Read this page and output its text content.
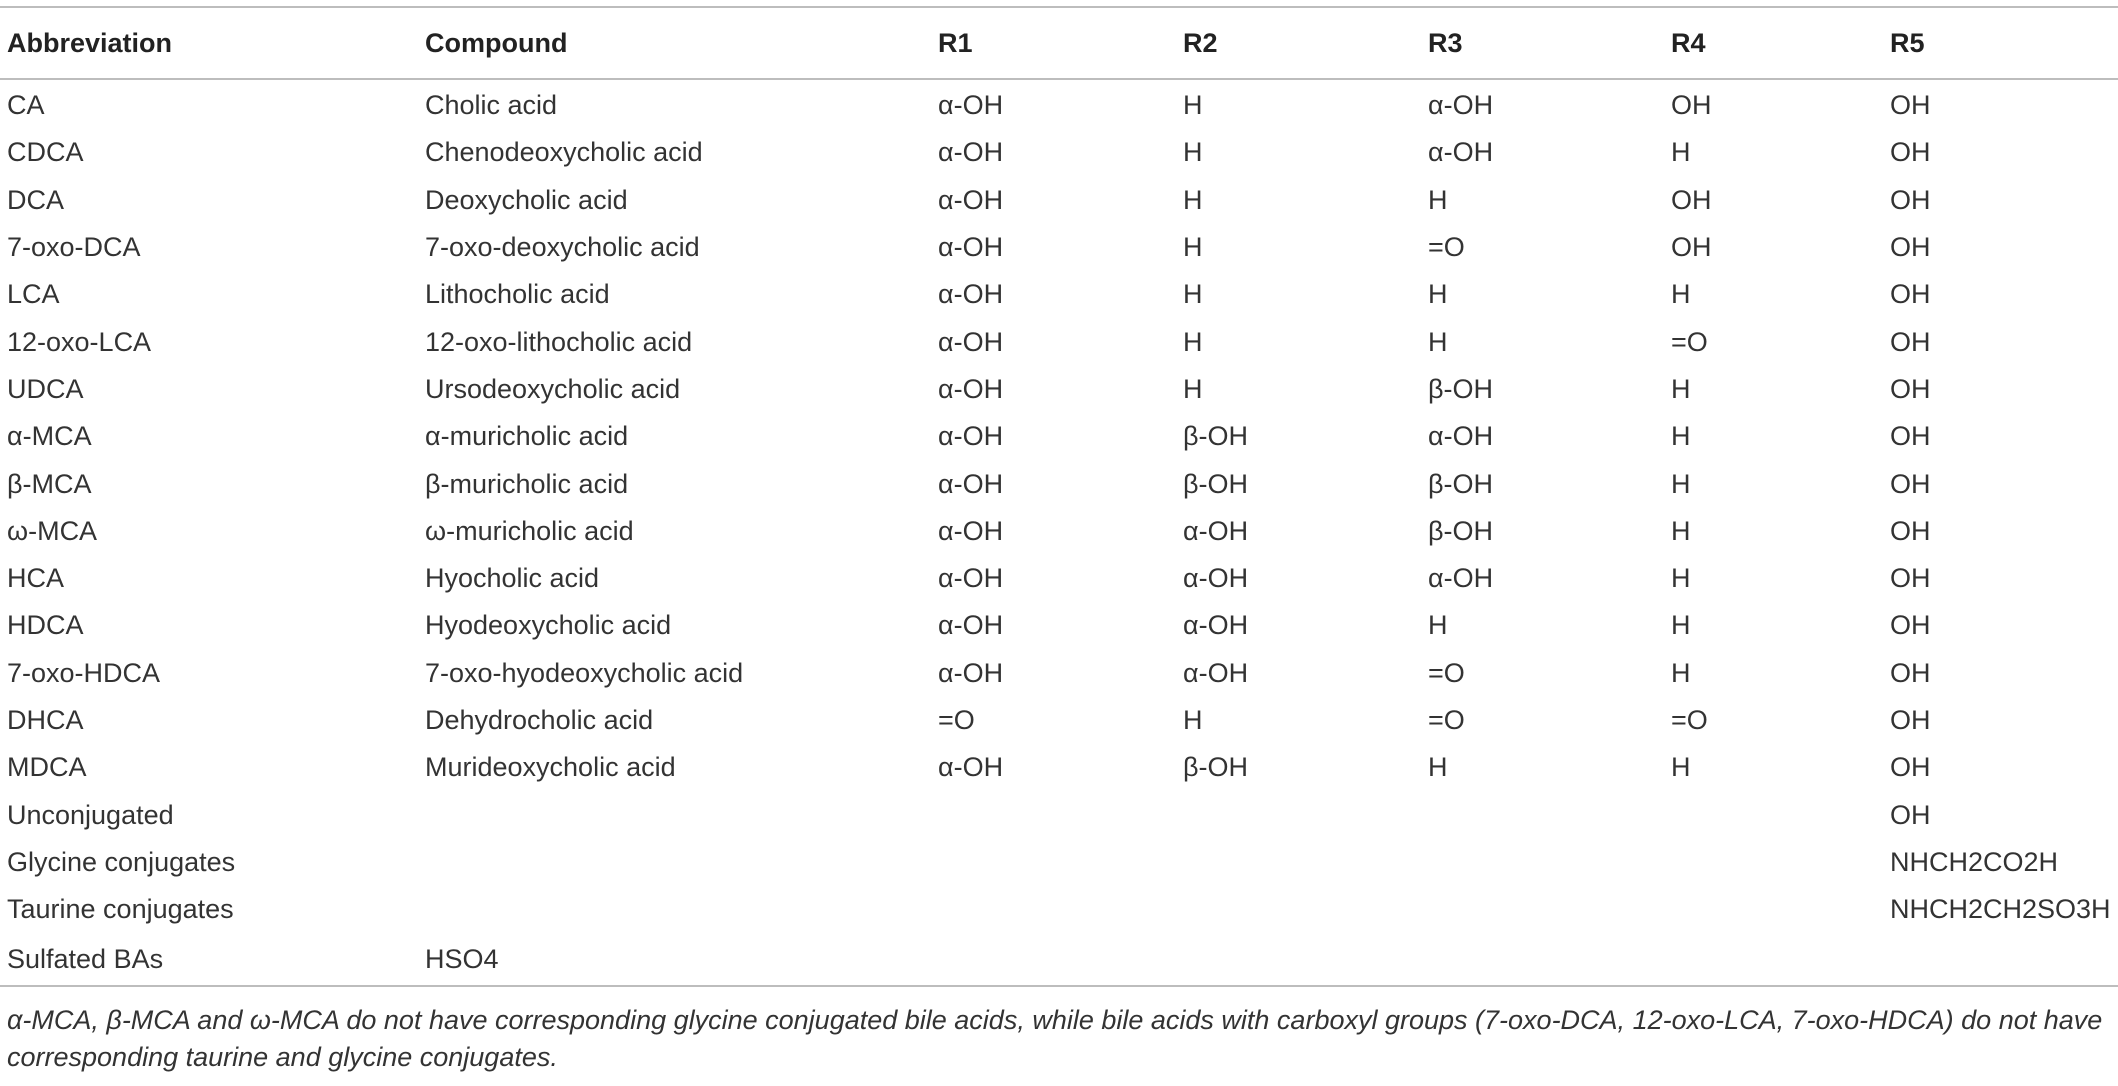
Abbreviation	Compound	R1	R2	R3	R4	R5
CA	Cholic acid	α-OH	H	α-OH	OH	OH
CDCA	Chenodeoxycholic acid	α-OH	H	α-OH	H	OH
DCA	Deoxycholic acid	α-OH	H	H	OH	OH
7-oxo-DCA	7-oxo-deoxycholic acid	α-OH	H	=O	OH	OH
LCA	Lithocholic acid	α-OH	H	H	H	OH
12-oxo-LCA	12-oxo-lithocholic acid	α-OH	H	H	=O	OH
UDCA	Ursodeoxycholic acid	α-OH	H	β-OH	H	OH
α-MCA	α-muricholic acid	α-OH	β-OH	α-OH	H	OH
β-MCA	β-muricholic acid	α-OH	β-OH	β-OH	H	OH
ω-MCA	ω-muricholic acid	α-OH	α-OH	β-OH	H	OH
HCA	Hyocholic acid	α-OH	α-OH	α-OH	H	OH
HDCA	Hyodeoxycholic acid	α-OH	α-OH	H	H	OH
7-oxo-HDCA	7-oxo-hyodeoxycholic acid	α-OH	α-OH	=O	H	OH
DHCA	Dehydrocholic acid	=O	H	=O	=O	OH
MDCA	Murideoxycholic acid	α-OH	β-OH	H	H	OH
Unconjugated						OH
Glycine conjugates						NHCH2CO2H
Taurine conjugates						NHCH2CH2SO3H
Sulfated BAs	HSO4					
α-MCA, β-MCA and ω-MCA do not have corresponding glycine conjugated bile acids, while bile acids with carboxyl groups (7-oxo-DCA, 12-oxo-LCA, 7-oxo-HDCA) do not have corresponding taurine and glycine conjugates.
